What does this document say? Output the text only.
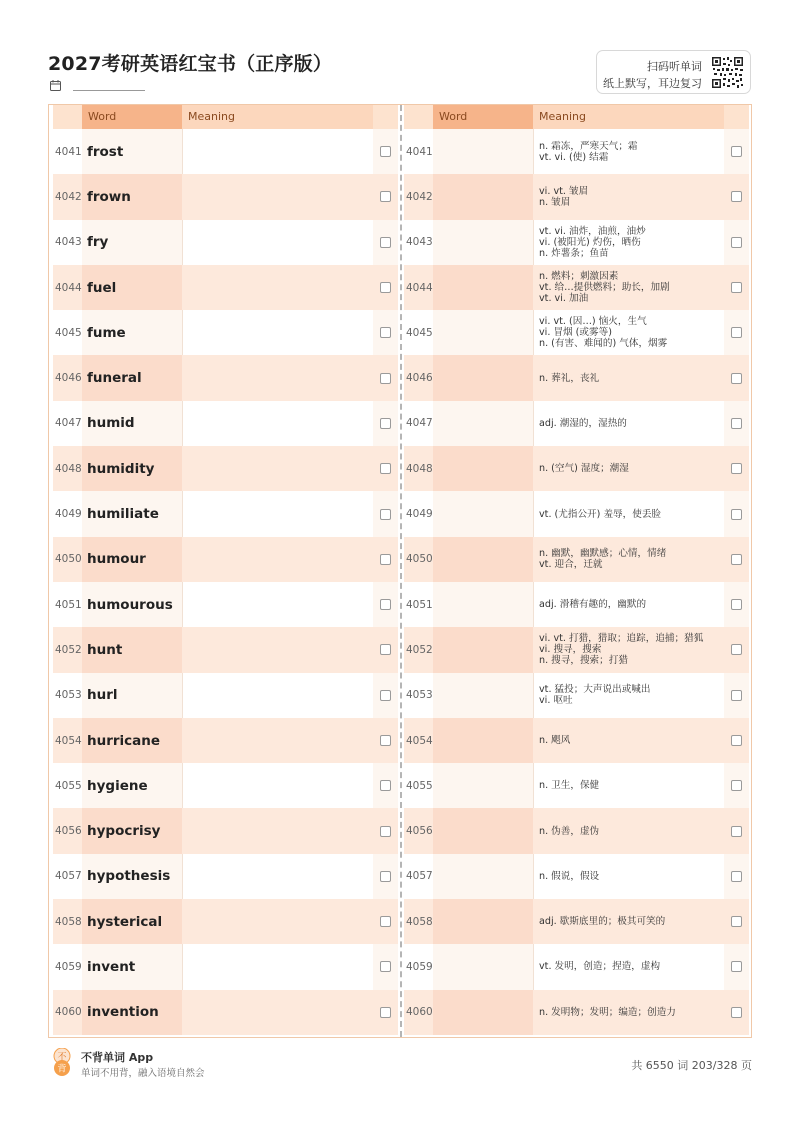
2027考研英语红宝书（正序版）	扫码听单词
纸上默写，耳边复习
Word	Meaning
4041 frost
4042 frown
4043 fry
4044 fuel
4045 fume
4046 funeral
4047 humid
4048 humidity
4049 humiliate
4050 humour
4051 humourous
4052 hunt
4053 hurl
4054 hurricane
4055 hygiene
4056 hypocrisy
4057 hypothesis
4058 hysterical
4059 invent
4060 invention
Word	Meaning
4041	n. 霜冻，严寒天气；霜
vt. vi. (使) 结霜
4042	vi. vt. 皱眉
n. 皱眉
4043
vt. vi. 油炸，油煎，油炒
vi. (被阳光) 灼伤，晒伤
n. 炸薯条；鱼苗
4044
n. 燃料；刺激因素
vt. 给…提供燃料；助长，加剧
vt. vi. 加油
4045
vi. vt. (因…) 恼火，生气
vi. 冒烟 (或雾等)
n. (有害、难闻的) 气体，烟雾
4046	n. 葬礼，丧礼
4047	adj. 潮湿的，湿热的
4048	n. (空气) 湿度；潮湿
4049	vt. (尤指公开) 羞辱，使丢脸
4050	n. 幽默，幽默感；心情，情绪
vt. 迎合，迁就
4051	adj. 滑稽有趣的，幽默的
4052
vi. vt. 打猎，猎取；追踪，追捕；猎狐
vi. 搜寻，搜索
n. 搜寻，搜索；打猎
4053	vt. 猛投；大声说出或喊出
vi. 呕吐
4054	n. 飓风
4055	n. 卫生，保健
4056	n. 伪善，虚伪
4057	n. 假说，假设
4058	adj. 歇斯底里的；极其可笑的
4059	vt. 发明，创造；捏造，虚构
4060	n. 发明物；发明；编造；创造力
不
背
不背单词 App
单词不用背，融入语境自然会
共 6550 词 203/328 页
